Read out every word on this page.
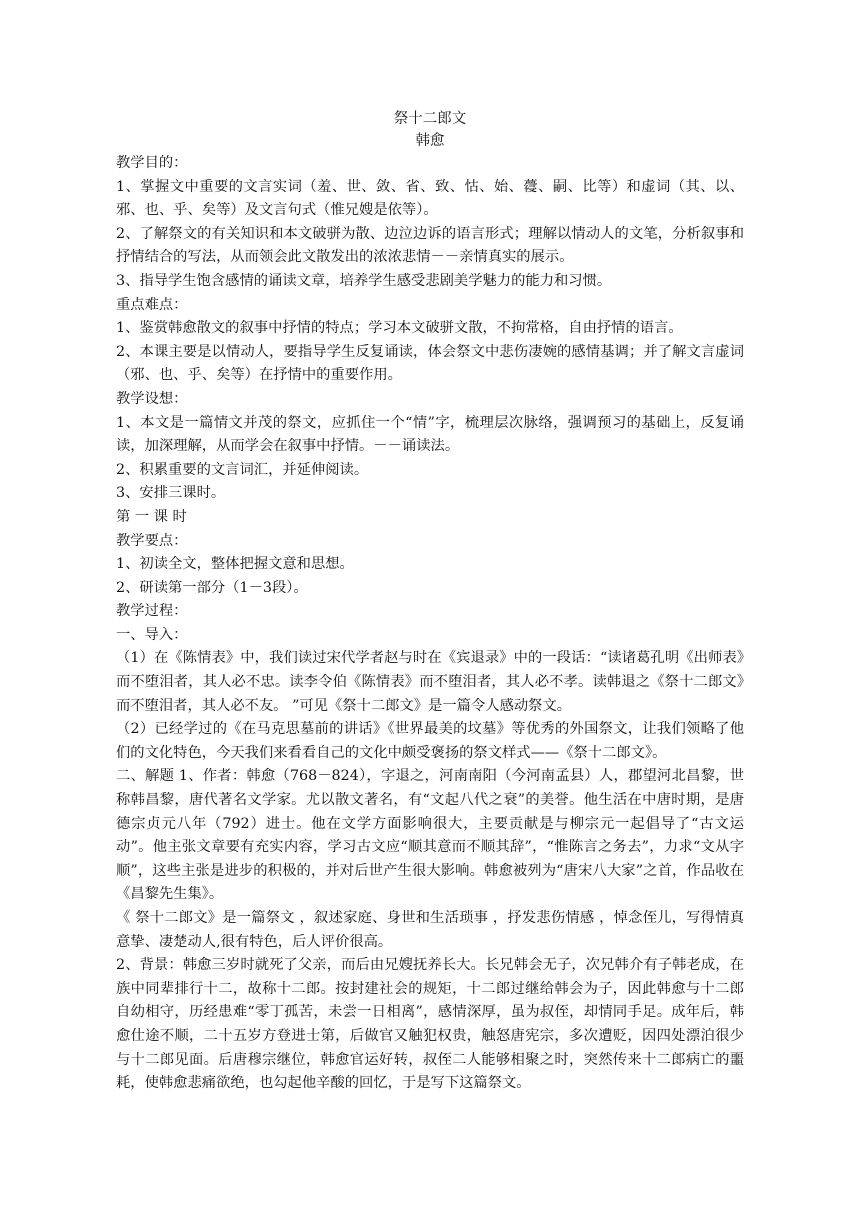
祭十二郎文
韩愈

教学目的：

1、掌握文中重要的文言实词（羞、世、敛、省、致、怙、始、蘉、嗣、比等）和虚词（其、以、邪、也、乎、矣等）及文言句式（惟兄嫂是依等）。

2、了解祭文的有关知识和本文破骈为散、边泣边诉的语言形式；理解以情动人的文笔，分析叙事和抒情结合的写法，从而领会此文散发出的浓浓悲情－－亲情真实的展示。

3、指导学生饱含感情的诵读文章，培养学生感受悲剧美学魅力的能力和习惯。

重点难点：

1、鉴赏韩愈散文的叙事中抒情的特点；学习本文破骈文散，不拘常格，自由抒情的语言。

2、本课主要是以情动人，要指导学生反复诵读，体会祭文中悲伤凄婉的感情基调；并了解文言虚词（邪、也、乎、矣等）在抒情中的重要作用。

教学设想：

1、本文是一篇情文并茂的祭文，应抓住一个“情”字，梳理层次脉络，强调预习的基础上，反复诵读，加深理解，从而学会在叙事中抒情。－－诵读法。

2、积累重要的文言词汇，并延伸阅读。

3、安排三课时。

第 一 课 时

教学要点：

1、初读全文，整体把握文意和思想。

2、研读第一部分（1－3段）。

教学过程：

一、导入：

（1）在《陈情表》中，我们读过宋代学者赵与时在《宾退录》中的一段话：“读诸葛孔明《出师表》而不堕泪者，其人必不忠。读李令伯《陈情表》而不堕泪者，其人必不孝。读韩退之《祭十二郎文》而不堕泪者，其人必不友。 ”可见《祭十二郎文》是一篇令人感动祭文。

（2）已经学过的《在马克思墓前的讲话》《世界最美的坟墓》等优秀的外国祭文，让我们领略了他们的文化特色，今天我们来看看自己的文化中颇受褒扬的祭文样式——《祭十二郎文》。

二、解题 1、作者：韩愈（768－824），字退之，河南南阳（今河南孟县）人，郡望河北昌黎，世称韩昌黎，唐代著名文学家。尤以散文著名，有“文起八代之衰”的美誉。他生活在中唐时期，是唐德宗贞元八年（792）进士。他在文学方面影响很大，主要贡献是与柳宗元一起倡导了“古文运动”。他主张文章要有充实内容，学习古文应“顺其意而不顺其辞”，“惟陈言之务去”，力求“文从字顺”，这些主张是进步的积极的，并对后世产生很大影响。韩愈被列为“唐宋八大家”之首，作品收在《昌黎先生集》。

《 祭十二郎文》是一篇祭文 ，叙述家庭、身世和生活琐事 ，抒发悲伤情感 ，悼念侄儿，写得情真意挚、凄楚动人,很有特色，后人评价很高。

2、背景：韩愈三岁时就死了父亲，而后由兄嫂抚养长大。长兄韩会无子，次兄韩介有子韩老成，在族中同辈排行十二，故称十二郎。按封建社会的规矩，十二郎过继给韩会为子，因此韩愈与十二郎自幼相守，历经患难“零丁孤苦，未尝一日相离”，感情深厚，虽为叔侄，却情同手足。成年后，韩愈仕途不顺，二十五岁方登进士第，后做官又触犯权贵，触怒唐宪宗，多次遭贬，因四处漂泊很少与十二郎见面。后唐穆宗继位，韩愈官运好转，叔侄二人能够相聚之时，突然传来十二郎病亡的噩耗，使韩愈悲痛欲绝，也勾起他辛酸的回忆，于是写下这篇祭文。
